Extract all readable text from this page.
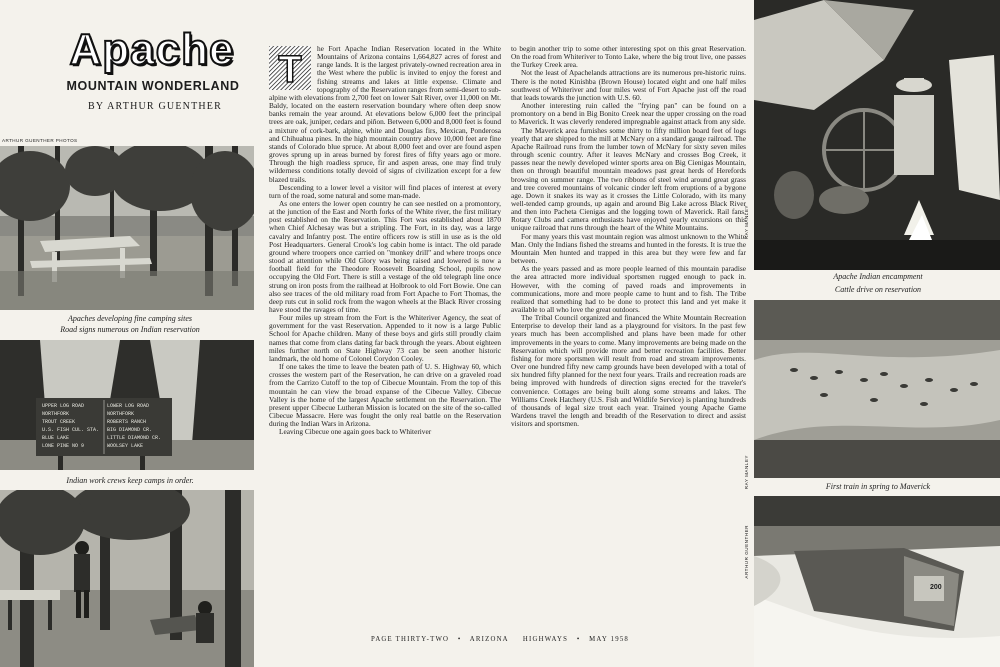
Apache
MOUNTAIN WONDERLAND
BY ARTHUR GUENTHER
ARTHUR GUENTHER PHOTOS
Apaches developing fine camping sites
Road signs numerous on Indian reservation
UPPER LOG ROAD
NORTHFORK
TROUT CREEK
U.S. FISH CUL. STA.
BLUE LAKE
LONE PINE NO 9
LOWER LOG ROAD
NORTHFORK
ROBERTS RANCH
BIG DIAMOND CR.
LITTLE DIAMOND CR.
WOOLSEY LAKE
Indian work crews keep camps in order.
T

he Fort Apache Indian Reservation located in the White Mountains of Arizona contains 1,664,827 acres of forest and range lands. It is the largest privately-owned recreation area in the West where the public is invited to enjoy the forest and fishing streams and lakes at little expense. Climate and topography of the Reservation ranges from semi-desert to sub-alpine with elevations from 2,700 feet on lower Salt River, over 11,000 on Mt. Baldy, located on the eastern reservation boundary where often deep snow banks remain the year around. At elevations below 6,000 feet the principal trees are oak, juniper, cedars and piñon. Between 6,000 and 8,000 feet is found a mixture of cork-bark, alpine, white and Douglas firs, Mexican, Ponderosa and Chihuahua pines. In the high mountain country above 10,000 feet are fine stands of Colorado blue spruce. At about 8,000 feet and over are found aspen groves sprung up in areas burned by forest fires of fifty years ago or more. Through the high roadless spruce, fir and aspen areas, one may find truly wilderness conditions totally devoid of signs of civilization except for a few blazed trails.

Descending to a lower level a visitor will find places of interest at every turn of the road, some natural and some man-made.

As one enters the lower open country he can see nestled on a promontory, at the junction of the East and North forks of the White river, the first military post established on the Reservation. This Fort was established about 1870 when Chief Alchesay was but a stripling. The Fort, in its day, was a large cavalry and Infantry post. The entire officers row is still in use as is the old Post Headquarters. General Crook's log cabin home is intact. The old parade ground where troopers once carried on "monkey drill" and where troops once stood at attention while Old Glory was being raised and lowered is now a football field for the Theodore Roosevelt Boarding School, pupils now occupying the Old Fort. There is still a vestage of the old telegraph line once strung on iron posts from the railhead at Holbrook to old Fort Bowie. One can also see traces of the old military road from Fort Apache to Fort Thomas, the deep ruts cut in solid rock from the wagon wheels at the Black River crossing have stood the ravages of time.

Four miles up stream from the Fort is the Whiteriver Agency, the seat of government for the vast Reservation. Appended to it now is a large Public School for Apache children. Many of these boys and girls still proudly claim names that come from clans dating far back through the years. About eighteen miles further north on State Highway 73 can be seen another historic landmark, the old home of Colonel Corydon Cooley.

If one takes the time to leave the beaten path of U. S. Highway 60, which crosses the western part of the Reservation, he can drive on a graveled road from the Carrizo Cutoff to the top of Cibecue Mountain. From the top of this mountain he can view the broad expanse of the Cibecue Valley. Cibecue Valley is the home of the largest Apache settlement on the Reservation. The present upper Cibecue Lutheran Mission is located on the site of the so-called Cibecue Massacre. Here was fought the only real battle on the Reservation during the Indian Wars in Arizona.

Leaving Cibecue one again goes back to Whiteriver

to begin another trip to some other interesting spot on this great Reservation. On the road from Whiteriver to Tonto Lake, where the big trout live, one passes the Turkey Creek area.

Not the least of Apachelands attractions are its numerous pre-historic ruins. There is the noted Kinishba (Brown House) located eight and one half miles southwest of Whiteriver and four miles west of Fort Apache just off the road that leads towards the junction with U.S. 60.

Another interesting ruin called the "frying pan" can be found on a promontory on a bend in Big Bonito Creek near the upper crossing on the road to Maverick. It was cleverly rendered impregnable against attack from any side.

The Maverick area furnishes some thirty to fifty million board feet of logs yearly that are shipped to the mill at McNary on a standard gauge railroad. The Apache Railroad runs from the lumber town of McNary for sixty seven miles through scenic country. After it leaves McNary and crosses Bog Creek, it passes near the newly developed winter sports area on Big Cienigas Mountain, then on through beautiful mountain meadows past great herds of Herefords browsing on summer range. The two ribbons of steel wind around great grass and tree covered mountains of volcanic cinder left from eruptions of a bygone age. Down it snakes its way as it crosses the Little Colorado, with its many well-tended camp grounds, up again and around Big Lake across Black River and then into Pacheta Cienigas and the logging town of Maverick. Rail fans, Rotary Clubs and camera enthusiasts have enjoyed yearly excursions on this unique railroad that runs through the heart of the White Mountains.

For many years this vast mountain region was almost unknown to the White Man. Only the Indians fished the streams and hunted in the forests. It is true the Mountain Men hunted and trapped in this area but they were few and far between.

As the years passed and as more people learned of this mountain paradise the area attracted more individual sportsmen rugged enough to pack in. However, with the coming of paved roads and improvements in communications, more and more people came to hunt and to fish. The Tribe realized that something had to be done to protect this land and yet make it available to all who love the great outdoors.

The Tribal Council organized and financed the White Mountain Recreation Enterprise to develop their land as a playground for visitors. In the past few years much has been accomplished and plans have been made for other improvements in the years to come. Many improvements are being made on the Reservation which will provide more and better recreation facilities. Better fishing for more sportsmen will result from road and stream improvements. Over one hundred fifty new camp grounds have been developed with a total of six hundred fifty planned for the next four years. Trails and recreation roads are being improved with hundreds of direction signs erected for the traveler's convenience. Cottages are being built along some streams and lakes. The Williams Creek Hatchery (U.S. Fish and Wildlife Service) is planting hundreds of thousands of legal size trout each year. Trained young Apache Game Wardens travel the length and breadth of the Reservation to direct and assist visitors and sportsmen.

RAY MANLEY
Apache Indian encampment
Cattle drive on reservation
RAY MANLEY	First train in spring to Maverick
200
ARTHUR GUENTHER
PAGE THIRTY-TWO • ARIZONA HIGHWAYS • MAY 1958
